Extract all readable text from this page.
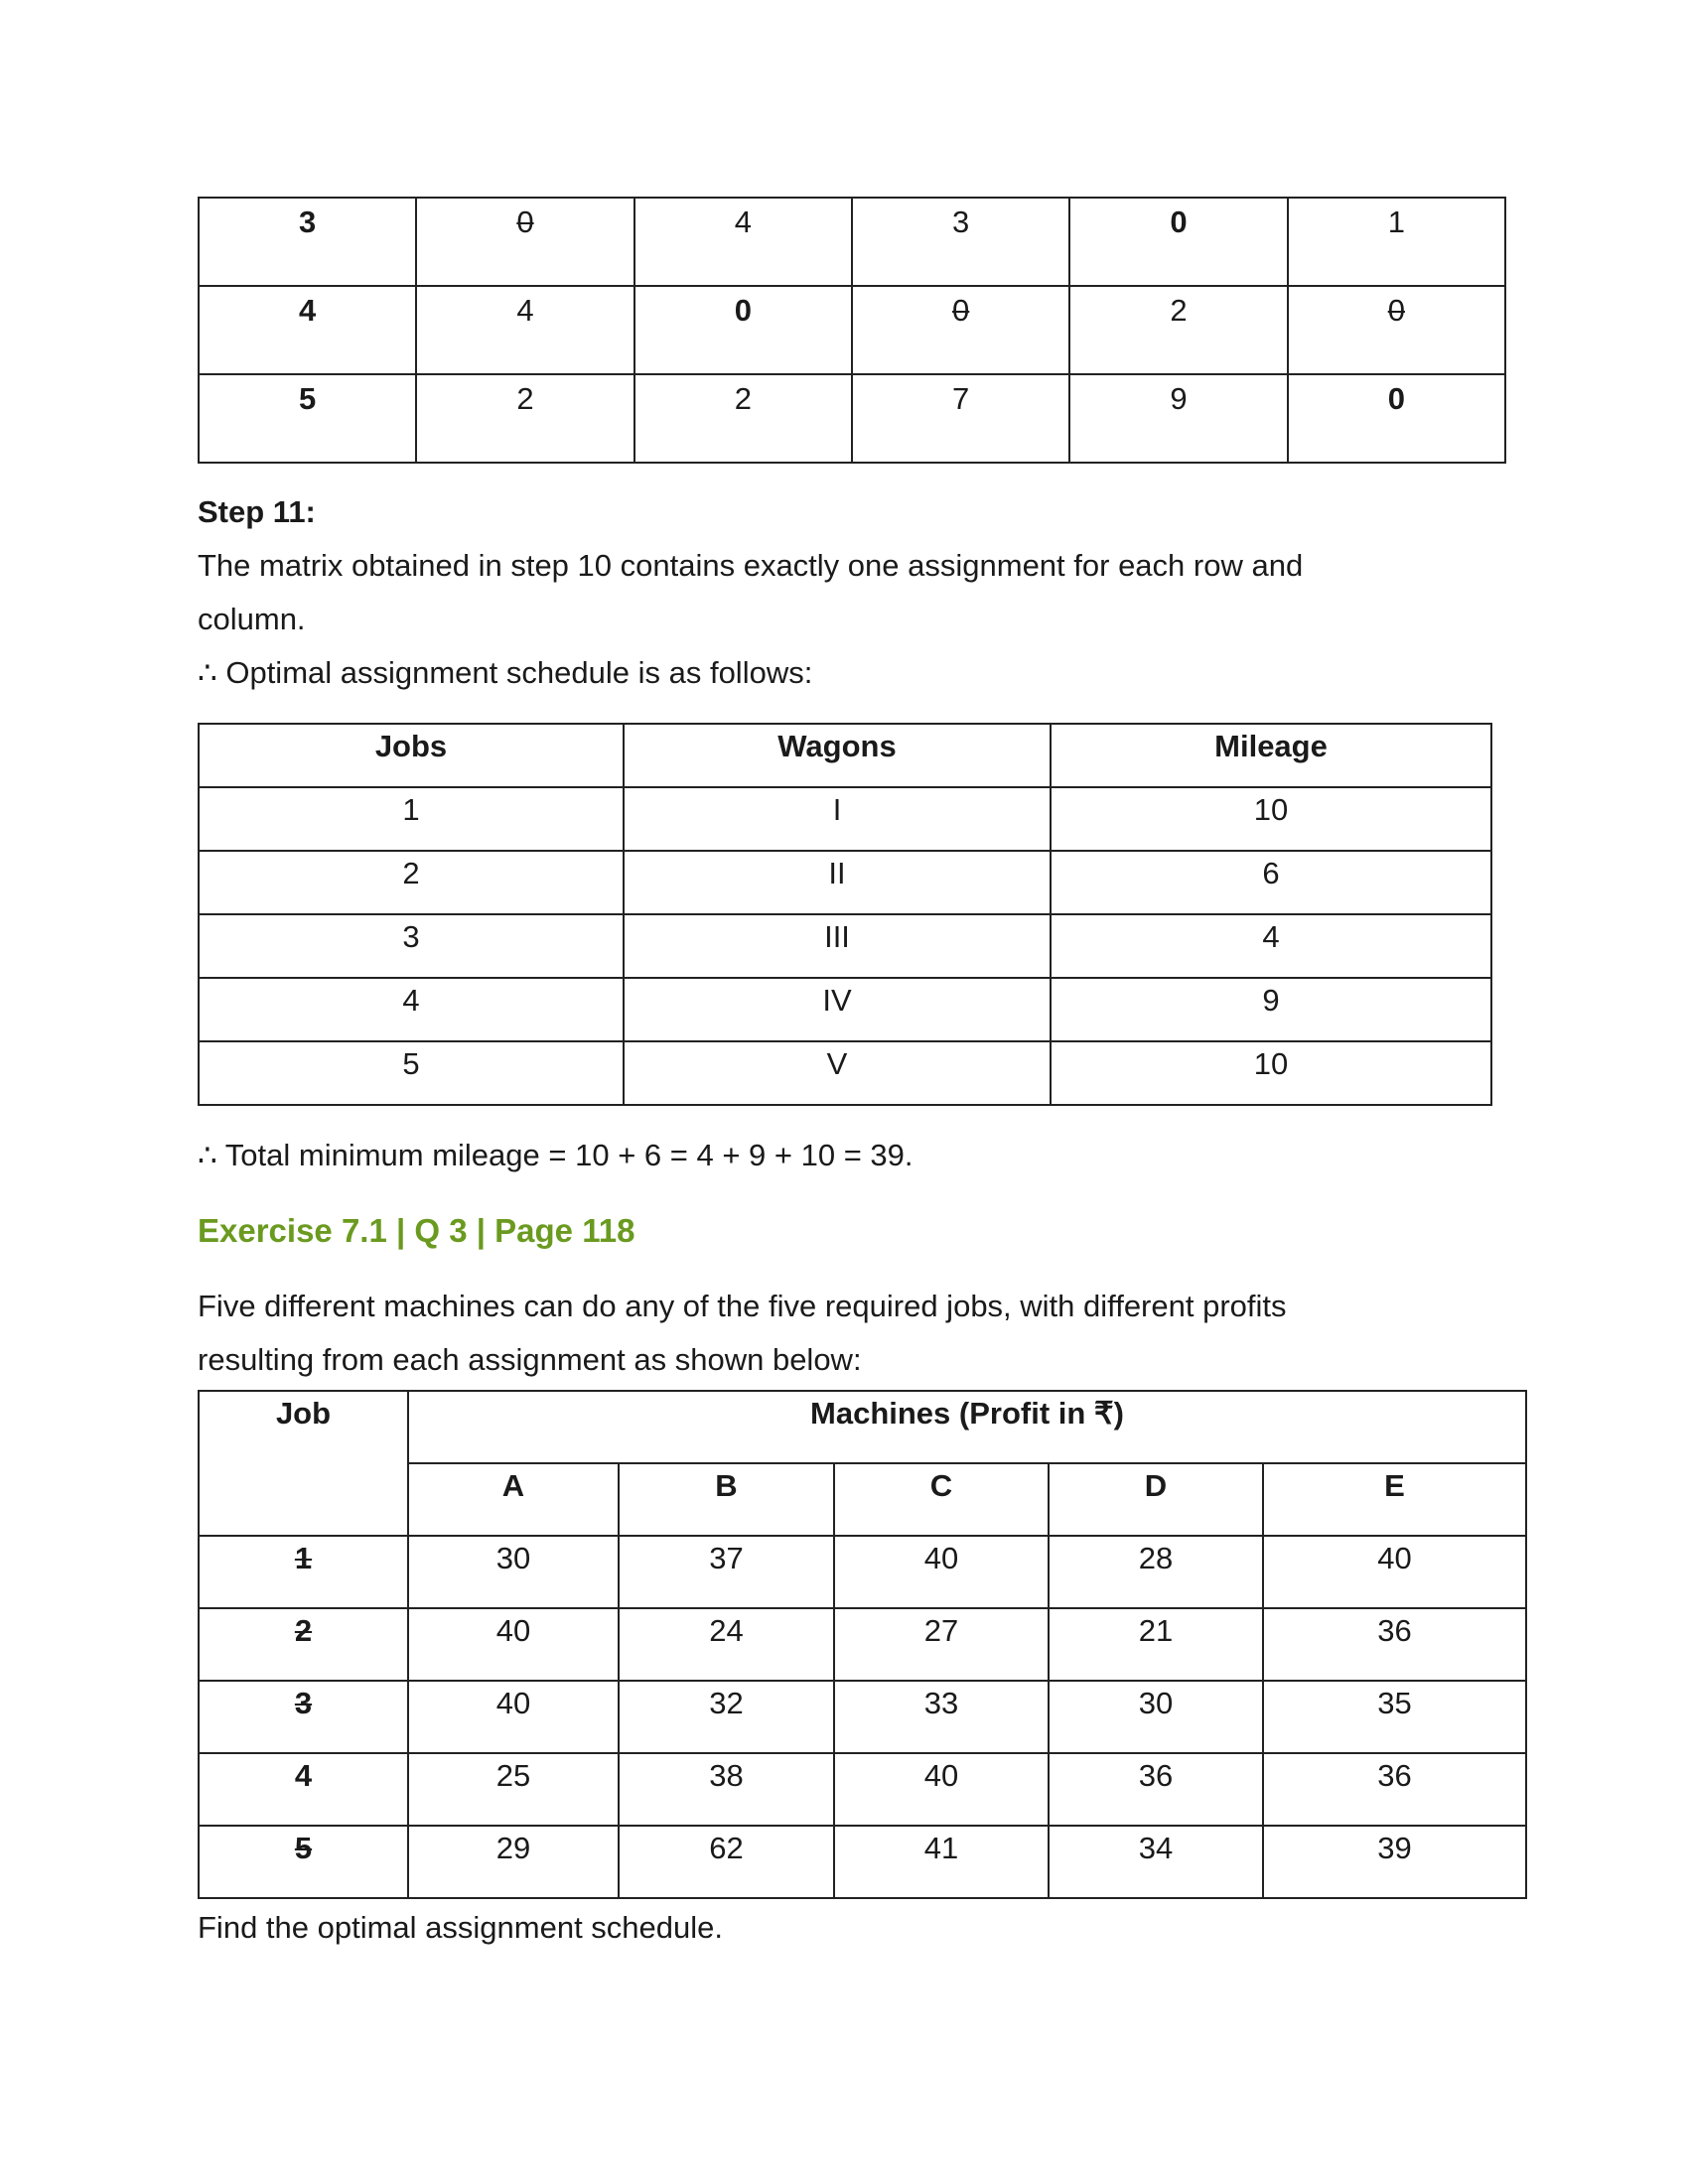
3	0	4	3	0	1
4	4	0	0	2	0
5	2	2	7	9	0

Step 11:

The matrix obtained in step 10 contains exactly one assignment for each row and

column.

∴ Optimal assignment schedule is as follows:

Jobs	Wagons	Mileage
1	I	10
2	II	6
3	III	4
4	IV	9
5	V	10

∴ Total minimum mileage = 10 + 6 = 4 + 9 + 10 = 39.

Exercise 7.1 | Q 3 | Page 118

Five different machines can do any of the five required jobs, with different profits

resulting from each assignment as shown below:

Job	Machines (Profit in ₹)				
	A	B	C	D	E
1	30	37	40	28	40
2	40	24	27	21	36
3	40	32	33	30	35
4	25	38	40	36	36
5	29	62	41	34	39

Find the optimal assignment schedule.
